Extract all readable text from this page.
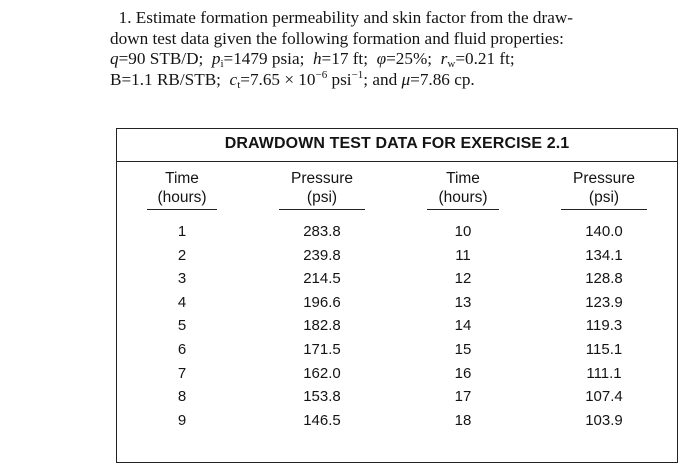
1. Estimate formation permeability and skin factor from the draw-
down test data given the following formation and fluid properties:
q=90 STB/D; $p_i=1479$ psia; h=17 ft; φ=25%; $r_w=0.21$ ft;
B=1.1 RB/STB; $c_t=7.65 \times 10^{-6}$ psi$^{-1}$; and μ=7.86 cp.
DRAWDOWN TEST DATA FOR EXERCISE 2.1
Time
(hours)
1
2
3
4
5
6
7
8
9
Pressure
(psi)
283.8
239.8
214.5
196.6
182.8
171.5
162.0
153.8
146.5
Time
(hours)
10
11
12
13
14
15
16
17
18
Pressure
(psi)
140.0
134.1
128.8
123.9
119.3
115.1
111.1
107.4
103.9
